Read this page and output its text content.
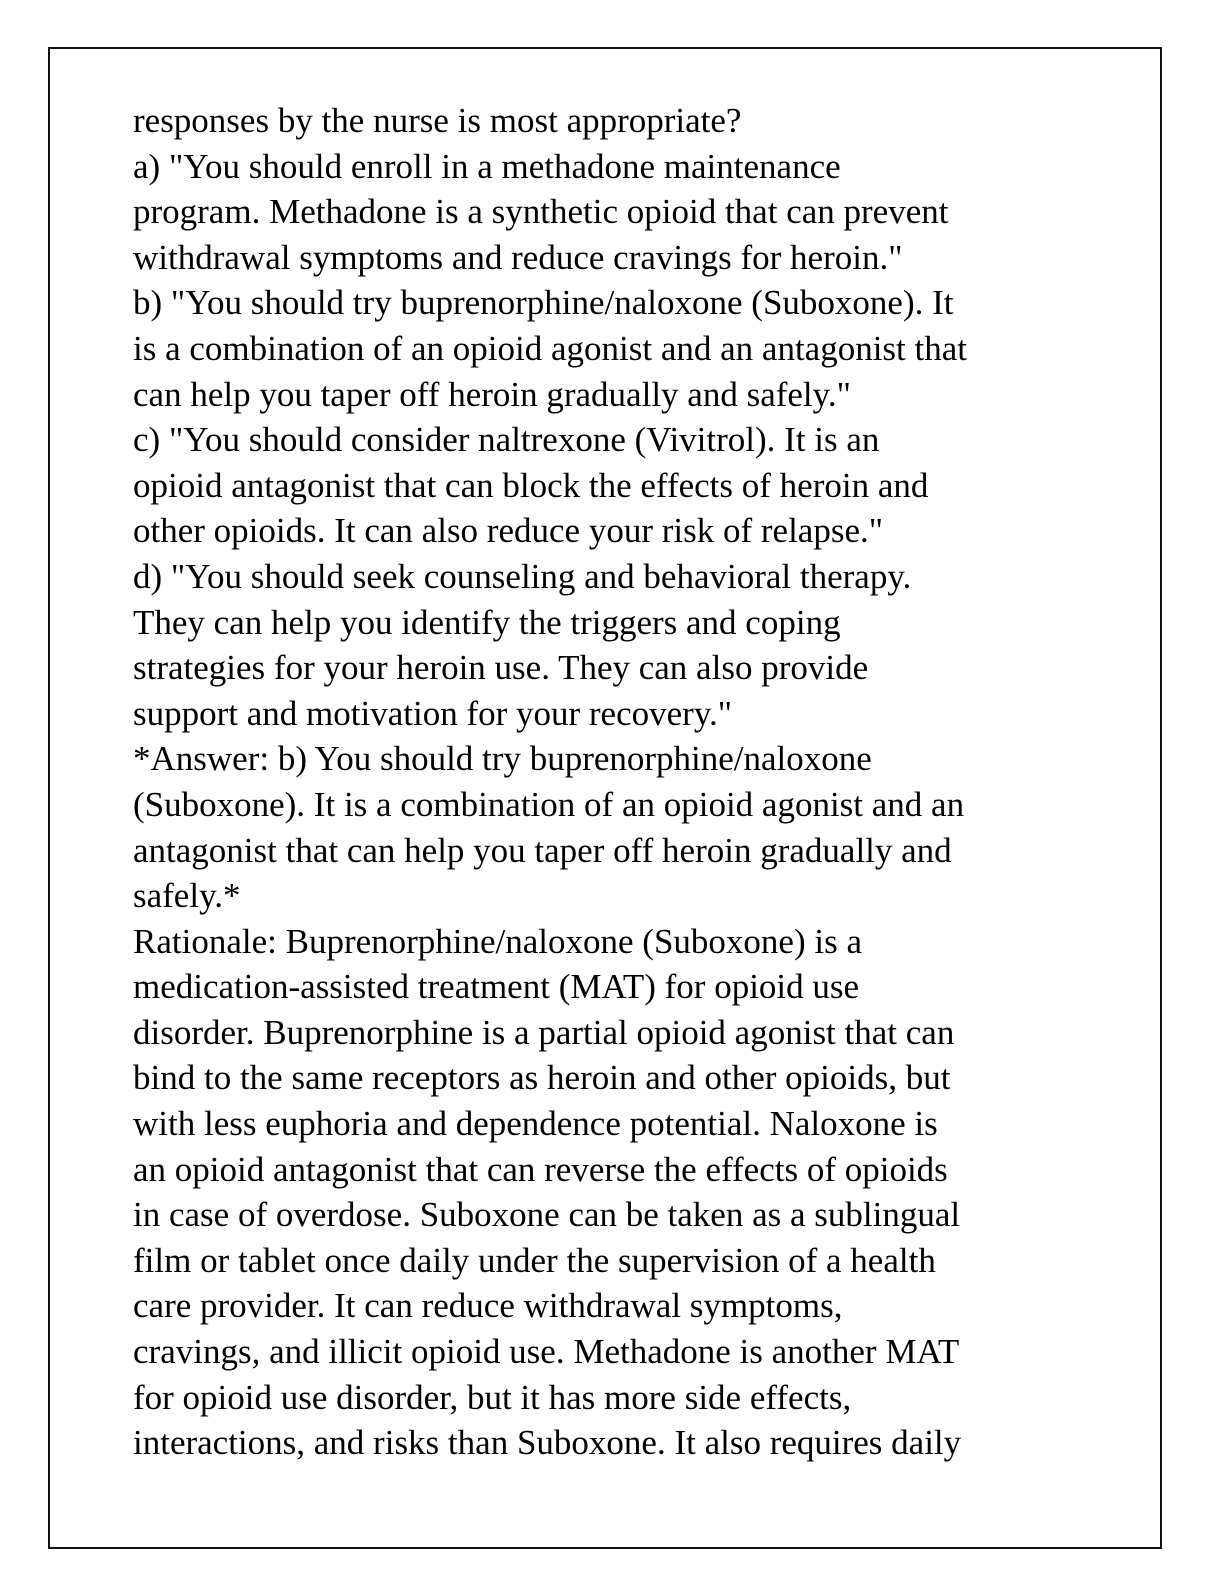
responses by the nurse is most appropriate?
a) "You should enroll in a methadone maintenance
program. Methadone is a synthetic opioid that can prevent
withdrawal symptoms and reduce cravings for heroin."
b) "You should try buprenorphine/naloxone (Suboxone). It
is a combination of an opioid agonist and an antagonist that
can help you taper off heroin gradually and safely."
c) "You should consider naltrexone (Vivitrol). It is an
opioid antagonist that can block the effects of heroin and
other opioids. It can also reduce your risk of relapse."
d) "You should seek counseling and behavioral therapy.
They can help you identify the triggers and coping
strategies for your heroin use. They can also provide
support and motivation for your recovery."
*Answer: b) You should try buprenorphine/naloxone
(Suboxone). It is a combination of an opioid agonist and an
antagonist that can help you taper off heroin gradually and
safely.*
Rationale: Buprenorphine/naloxone (Suboxone) is a
medication-assisted treatment (MAT) for opioid use
disorder. Buprenorphine is a partial opioid agonist that can
bind to the same receptors as heroin and other opioids, but
with less euphoria and dependence potential. Naloxone is
an opioid antagonist that can reverse the effects of opioids
in case of overdose. Suboxone can be taken as a sublingual
film or tablet once daily under the supervision of a health
care provider. It can reduce withdrawal symptoms,
cravings, and illicit opioid use. Methadone is another MAT
for opioid use disorder, but it has more side effects,
interactions, and risks than Suboxone. It also requires daily
